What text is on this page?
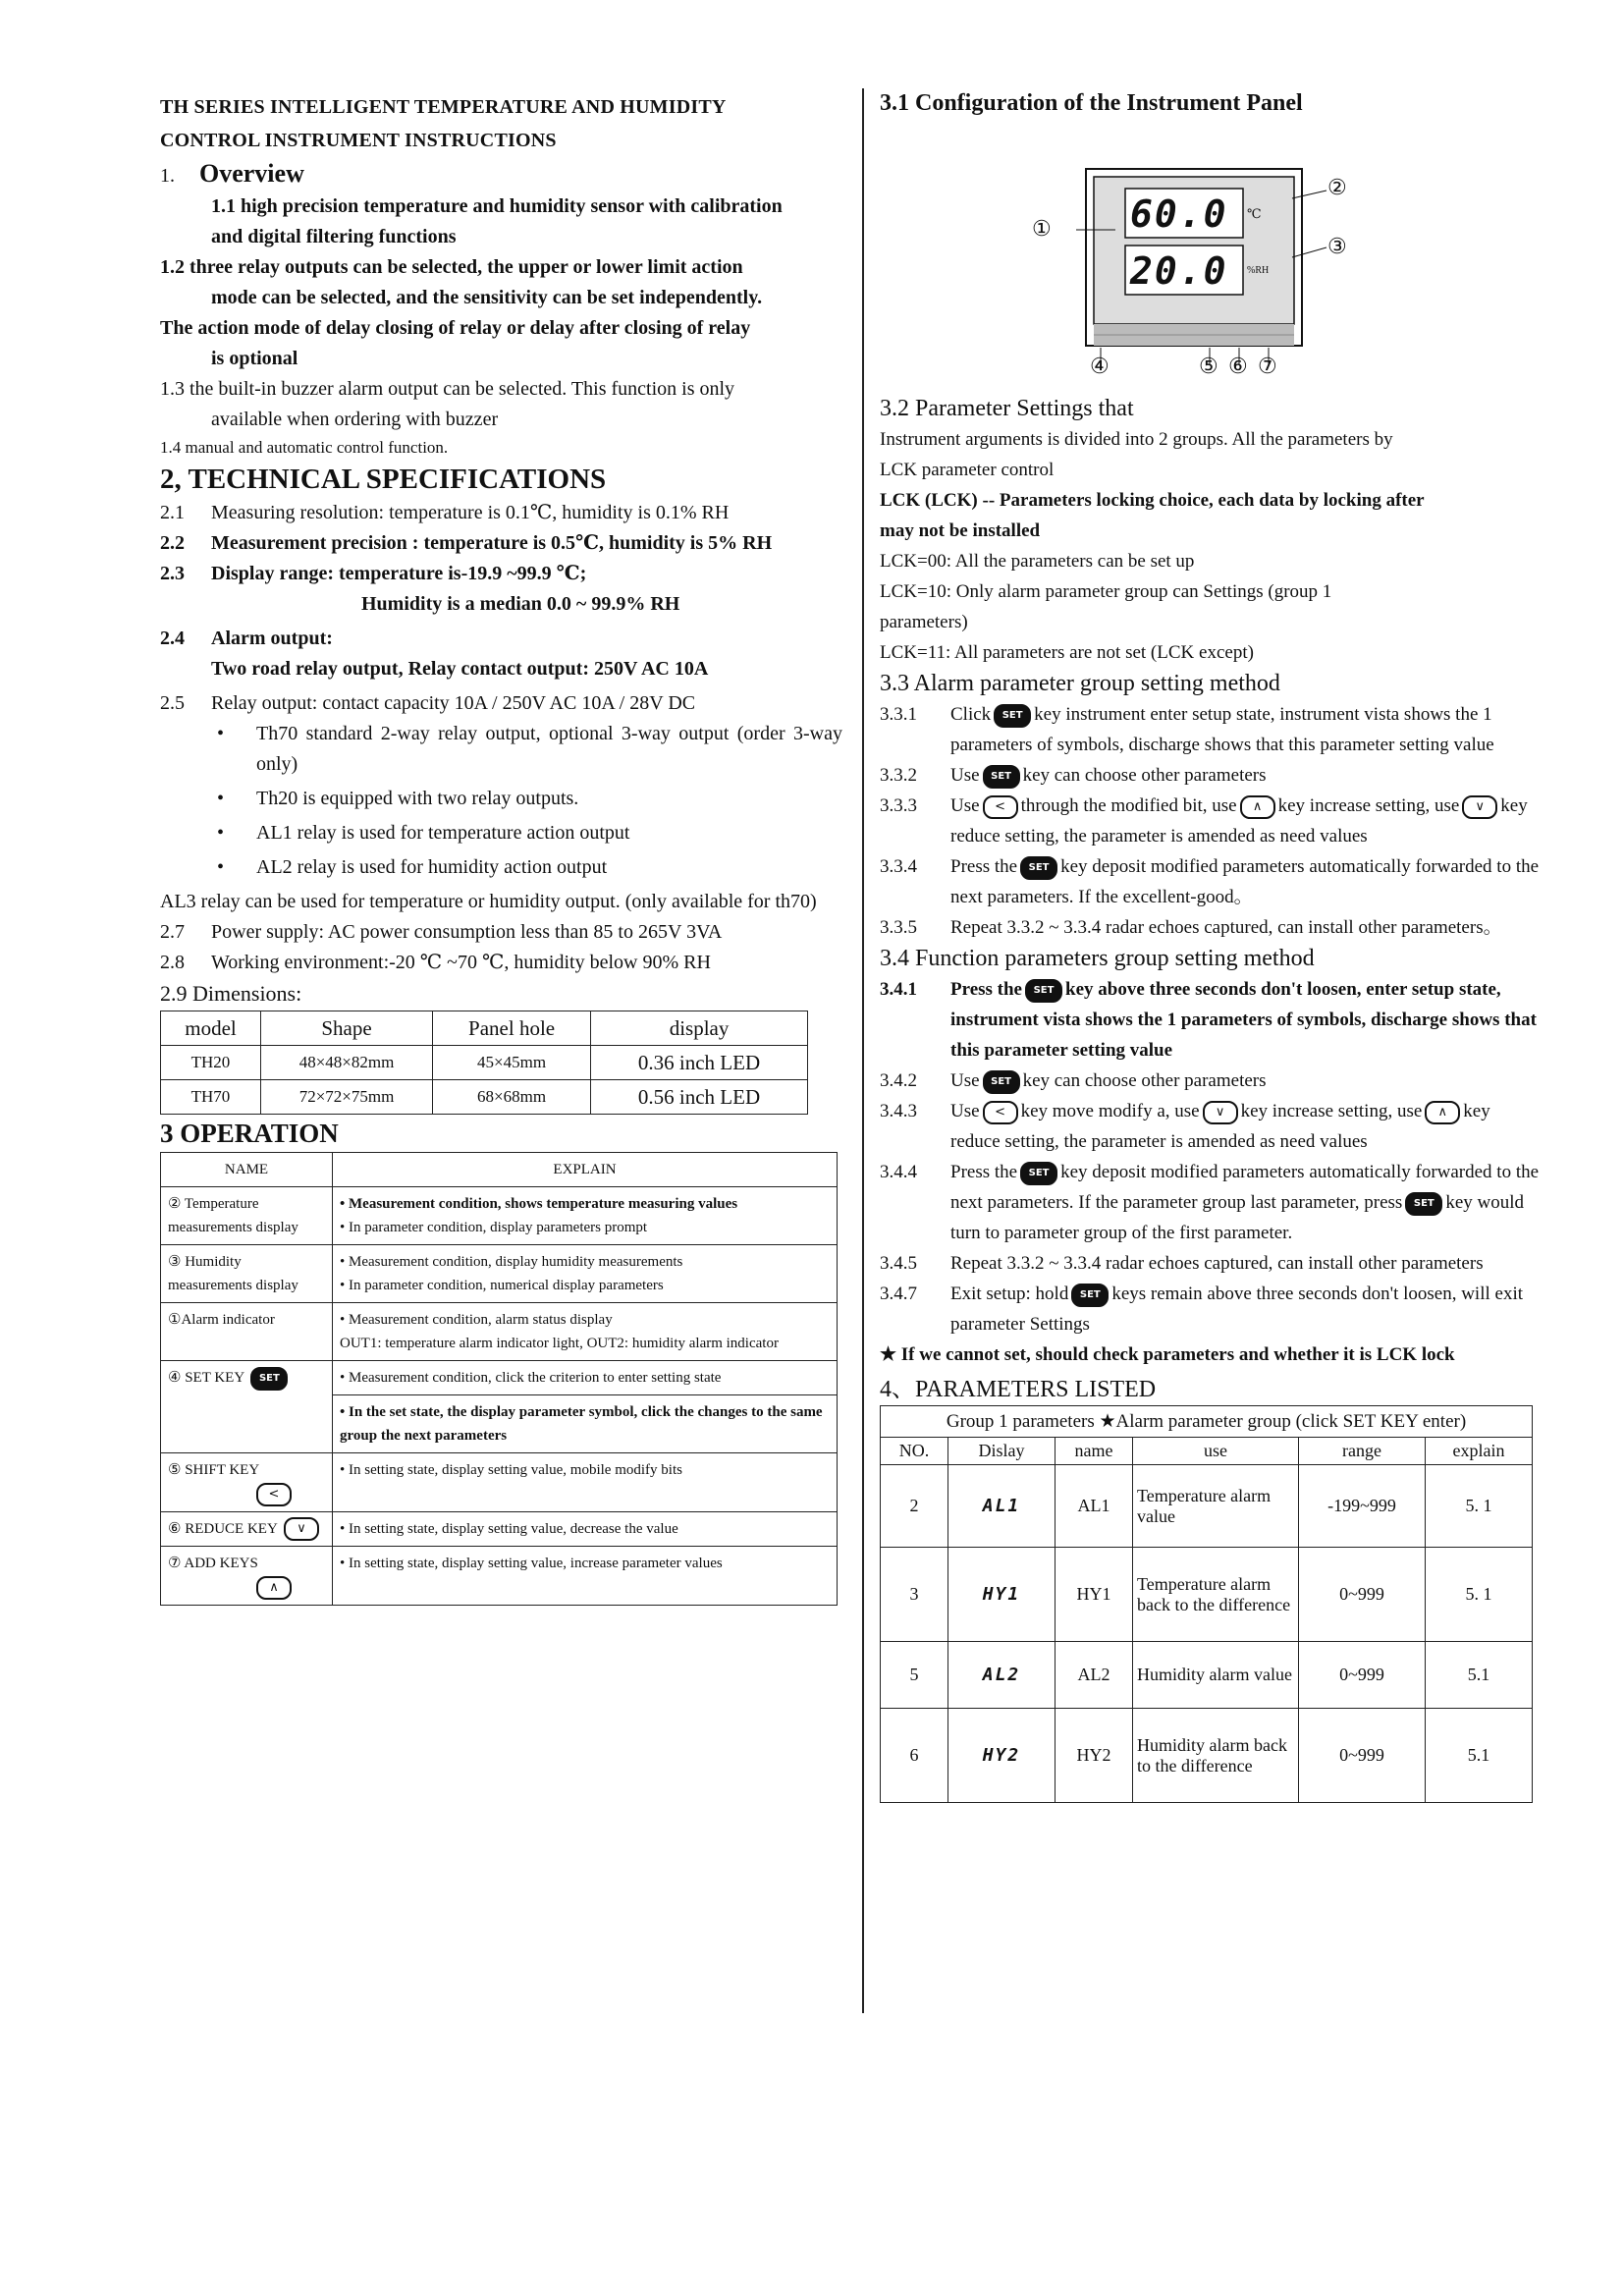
TH SERIES INTELLIGENT TEMPERATURE AND HUMIDITY
CONTROL INSTRUMENT INSTRUCTIONS
1. Overview
1.1 high precision temperature and humidity sensor with calibration
and digital filtering functions
1.2 three relay outputs can be selected, the upper or lower limit action
mode can be selected, and the sensitivity can be set independently.
The action mode of delay closing of relay or delay after closing of relay
is optional
1.3 the built-in buzzer alarm output can be selected. This function is only
available when ordering with buzzer
1.4 manual and automatic control function.
2, TECHNICAL SPECIFICATIONS
2.1	Measuring resolution: temperature is 0.1℃, humidity is 0.1% RH
2.2	Measurement precision : temperature is 0.5℃, humidity is 5% RH
2.3	Display range: temperature is-19.9 ~99.9 ℃;
Humidity is a median 0.0 ~ 99.9% RH
2.4	Alarm output:
Two road relay output, Relay contact output: 250V AC 10A
2.5	Relay output: contact capacity 10A / 250V AC 10A / 28V DC
• Th70 standard 2-way relay output, optional 3-way output (order 3-way only)
• Th20 is equipped with two relay outputs.
• AL1 relay is used for temperature action output
• AL2 relay is used for humidity action output
AL3 relay can be used for temperature or humidity output. (only available for th70)
2.7	Power supply: AC power consumption less than 85 to 265V 3VA
2.8	Working environment:-20 ℃ ~70 ℃, humidity below 90% RH
2.9 Dimensions:
model	Shape	Panel hole	display
TH20	48×48×82mm	45×45mm	0.36 inch LED
TH70	72×72×75mm	68×68mm	0.56 inch LED
3 OPERATION
NAME	EXPLAIN
② Temperature measurements display	• Measurement condition, shows temperature measuring values
• In parameter condition, display parameters prompt

③ Humidity measurements display	• Measurement condition, display humidity measurements
• In parameter condition, numerical display parameters

①Alarm indicator	• Measurement condition, alarm status display
OUT1: temperature alarm indicator light, OUT2: humidity alarm indicator

④ SET KEY SET	• Measurement condition, click the criterion to enter setting state
	• In the set state, the display parameter symbol, click the changes to the same group the next parameters
⑤ SHIFT KEY
<	• In setting state, display setting value, mobile modify bits
⑥ REDUCE KEY ∨	• In setting state, display setting value, decrease the value
⑦ ADD KEYS
∧	• In setting state, display setting value, increase parameter values
3.1 Configuration of the Instrument Panel
60.0
20.0
℃
%RH
①
②
③
④	⑤ ⑥ ⑦
3.2 Parameter Settings that
Instrument arguments is divided into 2 groups. All the parameters by
LCK parameter control
LCK (LCK) -- Parameters locking choice, each data by locking after
may not be installed
LCK=00: All the parameters can be set up
LCK=10: Only alarm parameter group can Settings (group 1
parameters)
LCK=11: All parameters are not set (LCK except)
3.3 Alarm parameter group setting method
3.3.1	Click SET key instrument enter setup state, instrument vista shows the 1 parameters of symbols, discharge shows that this parameter setting value
3.3.2	Use SET key can choose other parameters
3.3.3	Use < through the modified bit, use ∧ key increase setting, use ∨ key reduce setting, the parameter is amended as need values
3.3.4	Press the SET key deposit modified parameters automatically forwarded to the next parameters. If the excellent-good。
3.3.5	Repeat 3.3.2 ~ 3.3.4 radar echoes captured, can install other parameters。
3.4 Function parameters group setting method
3.4.1	Press the SET key above three seconds don't loosen, enter setup state, instrument vista shows the 1 parameters of symbols, discharge shows that this parameter setting value
3.4.2	Use SET key can choose other parameters
3.4.3	Use < key move modify a, use ∨ key increase setting, use ∧ key reduce setting, the parameter is amended as need values
3.4.4	Press the SET key deposit modified parameters automatically forwarded to the next parameters. If the parameter group last parameter, press SET key would turn to parameter group of the first parameter.
3.4.5	Repeat 3.3.2 ~ 3.3.4 radar echoes captured, can install other parameters
3.4.7	Exit setup: hold SET keys remain above three seconds don't loosen, will exit parameter Settings
★ If we cannot set, should check parameters and whether it is LCK lock
4、PARAMETERS LISTED
Group 1 parameters ★Alarm parameter group (click SET KEY enter)					
NO.	Dislay	name	use	range	explain
2	AL1	AL1	Temperature alarm value	-199~999	5. 1
3	HY1	HY1	Temperature alarm back to the difference	0~999	5. 1
5	AL2	AL2	Humidity alarm value	0~999	5.1
6	HY2	HY2	Humidity alarm back to the difference	0~999	5.1
